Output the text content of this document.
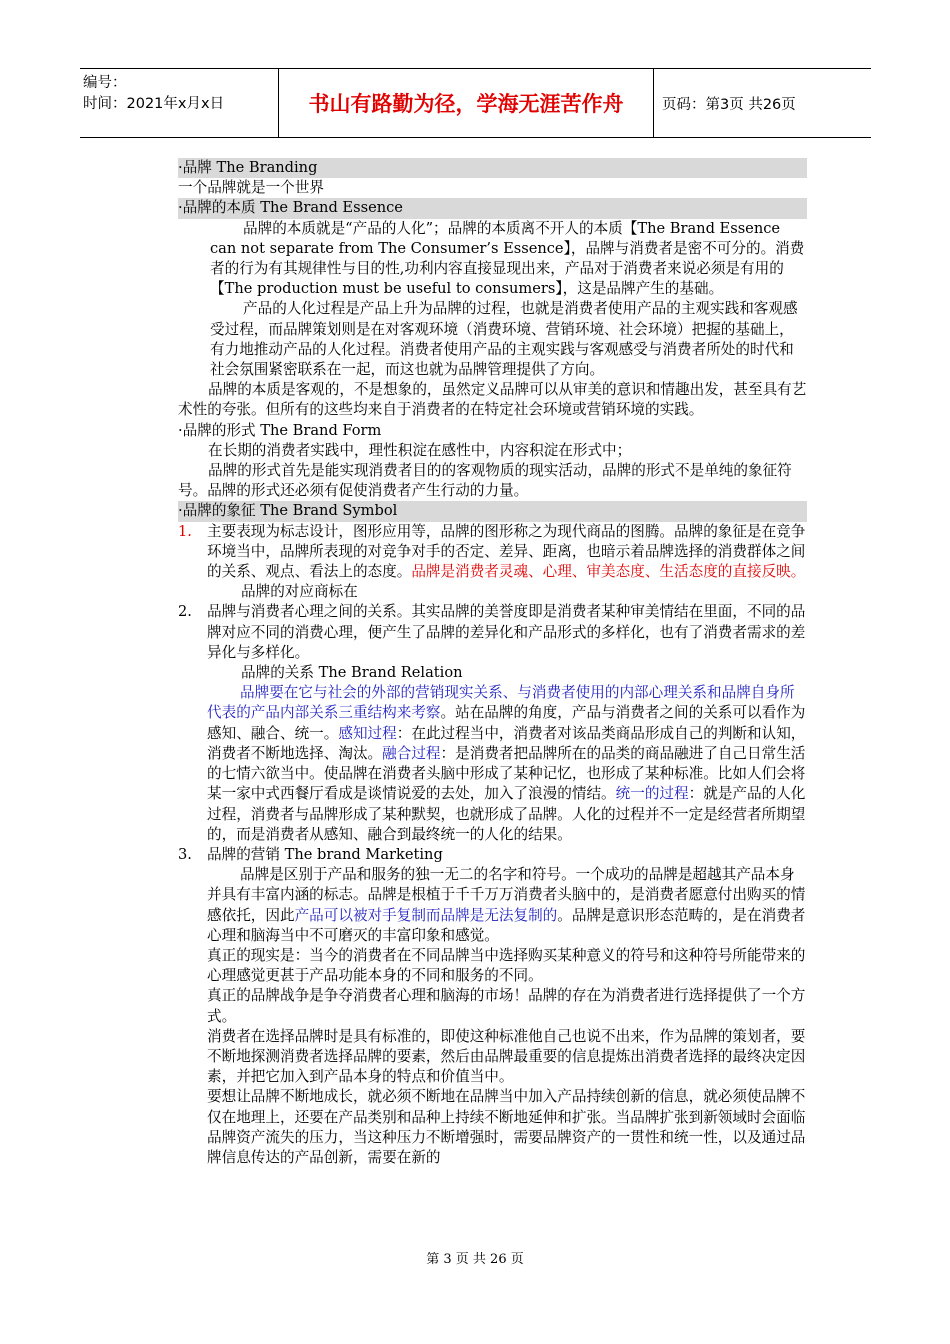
编号：
时间：2021年x月x日	书山有路勤为径，学海无涯苦作舟	页码：第3页 共26页

·品牌 The Branding

一个品牌就是一个世界

·品牌的本质 The Brand Essence

品牌的本质就是“产品的人化”；品牌的本质离不开人的本质【The Brand Essence can not separate from The Consumer’s Essence】，品牌与消费者是密不可分的。消费者的行为有其规律性与目的性,功利内容直接显现出来，产品对于消费者来说必须是有用的【The production must be useful to consumers】，这是品牌产生的基础。

产品的人化过程是产品上升为品牌的过程，也就是消费者使用产品的主观实践和客观感受过程，而品牌策划则是在对客观环境（消费环境、营销环境、社会环境）把握的基础上，有力地推动产品的人化过程。消费者使用产品的主观实践与客观感受与消费者所处的时代和社会氛围紧密联系在一起，而这也就为品牌管理提供了方向。

品牌的本质是客观的，不是想象的，虽然定义品牌可以从审美的意识和情趣出发，甚至具有艺术性的夸张。但所有的这些均来自于消费者的在特定社会环境或营销环境的实践。

·品牌的形式 The Brand Form

在长期的消费者实践中，理性积淀在感性中，内容积淀在形式中；

品牌的形式首先是能实现消费者目的的客观物质的现实活动，品牌的形式不是单纯的象征符号。品牌的形式还必须有促使消费者产生行动的力量。

·品牌的象征 The Brand Symbol

1.	主要表现为标志设计，图形应用等，品牌的图形称之为现代商品的图腾。品牌的象征是在竞争环境当中，品牌所表现的对竞争对手的否定、差异、距离，也暗示着品牌选择的消费群体之间的关系、观点、看法上的态度。品牌是消费者灵魂、心理、审美态度、生活态度的直接反映。

品牌的对应商标在

2.	品牌与消费者心理之间的关系。其实品牌的美誉度即是消费者某种审美情结在里面，不同的品牌对应不同的消费心理，便产生了品牌的差异化和产品形式的多样化，也有了消费者需求的差异化与多样化。

品牌的关系 The Brand Relation

品牌要在它与社会的外部的营销现实关系、与消费者使用的内部心理关系和品牌自身所代表的产品内部关系三重结构来考察。站在品牌的角度，产品与消费者之间的关系可以看作为感知、融合、统一。感知过程：在此过程当中，消费者对该品类商品形成自己的判断和认知，消费者不断地选择、淘汰。融合过程：是消费者把品牌所在的品类的商品融进了自己日常生活的七情六欲当中。使品牌在消费者头脑中形成了某种记忆，也形成了某种标准。比如人们会将某一家中式西餐厅看成是谈情说爱的去处，加入了浪漫的情结。统一的过程：就是产品的人化过程，消费者与品牌形成了某种默契，也就形成了品牌。人化的过程并不一定是经营者所期望的，而是消费者从感知、融合到最终统一的人化的结果。

3.	品牌的营销 The brand Marketing

品牌是区别于产品和服务的独一无二的名字和符号。一个成功的品牌是超越其产品本身并具有丰富内涵的标志。品牌是根植于千千万万消费者头脑中的，是消费者愿意付出购买的情感依托，因此产品可以被对手复制而品牌是无法复制的。品牌是意识形态范畴的，是在消费者心理和脑海当中不可磨灭的丰富印象和感觉。

真正的现实是：当今的消费者在不同品牌当中选择购买某种意义的符号和这种符号所能带来的心理感觉更甚于产品功能本身的不同和服务的不同。

真正的品牌战争是争夺消费者心理和脑海的市场！品牌的存在为消费者进行选择提供了一个方式。

消费者在选择品牌时是具有标准的，即使这种标准他自己也说不出来，作为品牌的策划者，要不断地探测消费者选择品牌的要素，然后由品牌最重要的信息提炼出消费者选择的最终决定因素，并把它加入到产品本身的特点和价值当中。

要想让品牌不断地成长，就必须不断地在品牌当中加入产品持续创新的信息，就必须使品牌不仅在地理上，还要在产品类别和品种上持续不断地延伸和扩张。当品牌扩张到新领域时会面临品牌资产流失的压力，当这种压力不断增强时，需要品牌资产的一贯性和统一性，以及通过品牌信息传达的产品创新，需要在新的

第 3 页 共 26 页
